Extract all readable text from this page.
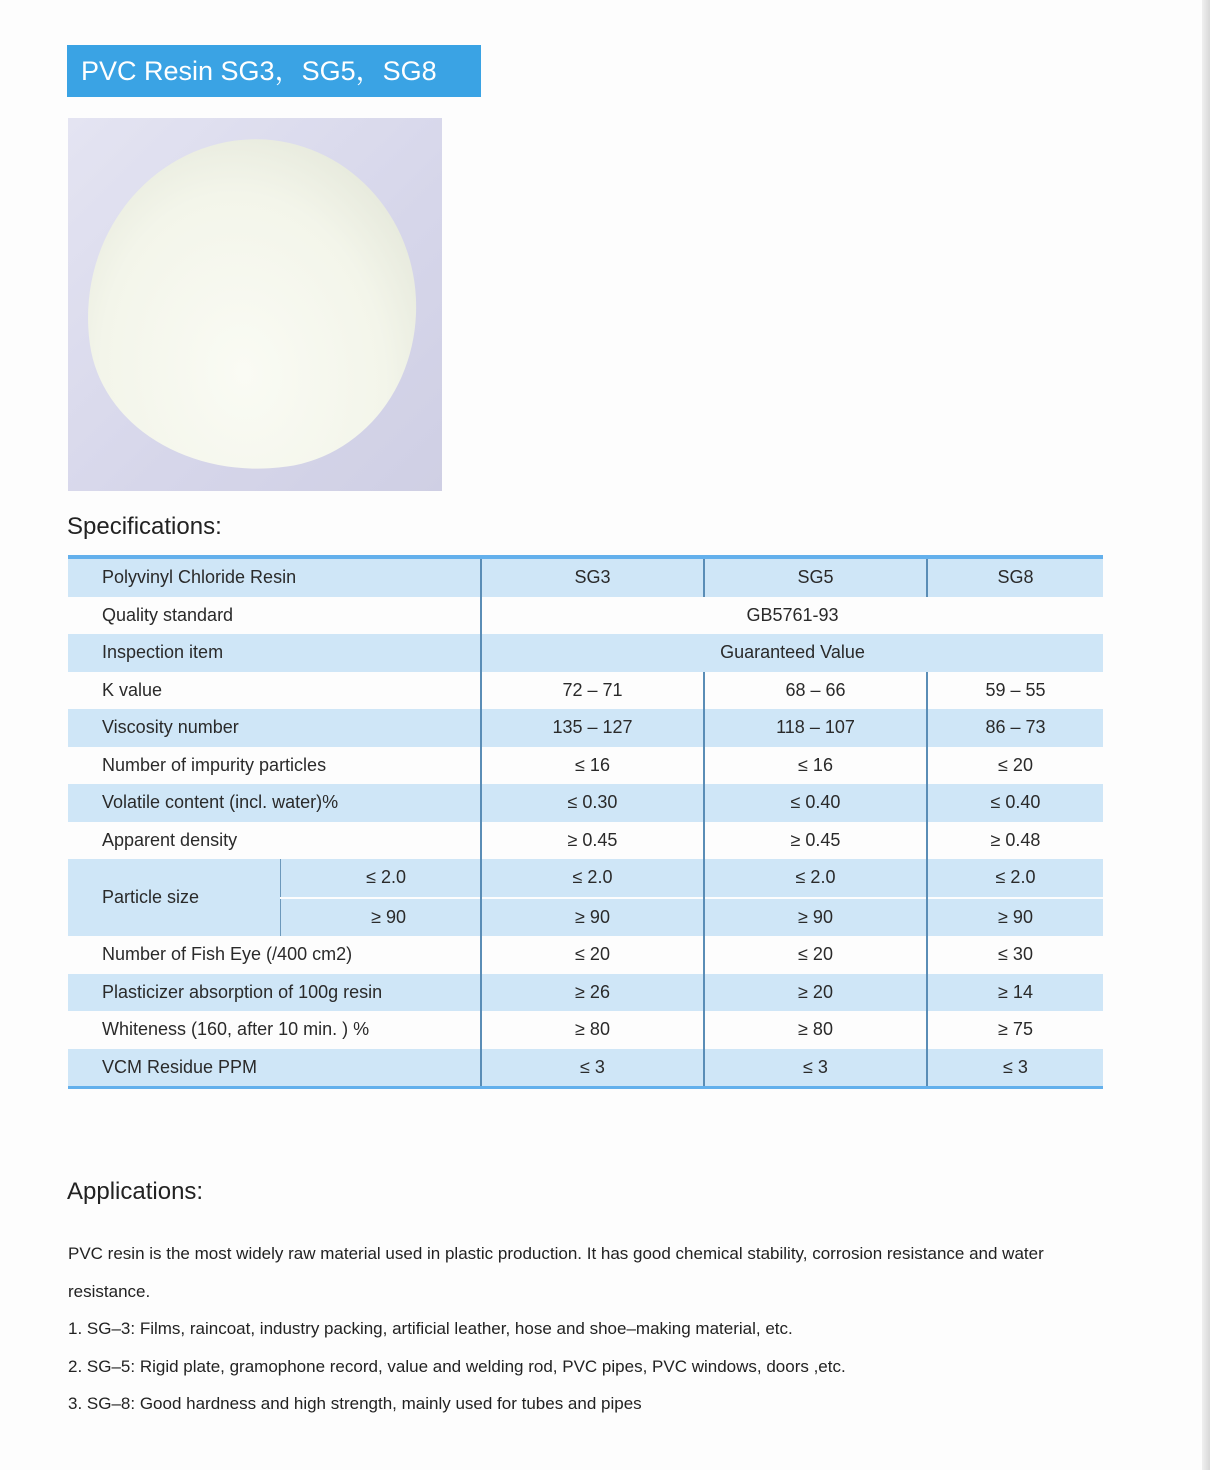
PVC Resin SG3，SG5，SG8
Specifications:
Polyvinyl Chloride Resin		SG3	SG5	SG8
Quality standard		GB5761-93		
Inspection item		Guaranteed Value		
K value		72 – 71	68 – 66	59 – 55
Viscosity number		135 – 127	118 – 107	86 – 73
Number of impurity particles		≤ 16	≤ 16	≤ 20
Volatile content (incl. water)%		≤ 0.30	≤ 0.40	≤ 0.40
Apparent density		≥ 0.45	≥ 0.45	≥ 0.48
Particle size	≤ 2.0	≤ 2.0	≤ 2.0	≤ 2.0
	≥ 90	≥ 90	≥ 90	≥ 90
Number of Fish Eye (/400 cm2)		≤ 20	≤ 20	≤ 30
Plasticizer absorption of 100g resin		≥ 26	≥ 20	≥ 14
Whiteness (160, after 10 min. ) %		≥ 80	≥ 80	≥ 75
VCM Residue PPM		≤ 3	≤ 3	≤ 3
Applications:

PVC resin is the most widely raw material used in plastic production. It has good chemical stability, corrosion resistance and water resistance.

1. SG–3: Films, raincoat, industry packing, artificial leather, hose and shoe–making material, etc.

2. SG–5: Rigid plate, gramophone record, value and welding rod, PVC pipes, PVC windows, doors ,etc.

3. SG–8: Good hardness and high strength, mainly used for tubes and pipes
